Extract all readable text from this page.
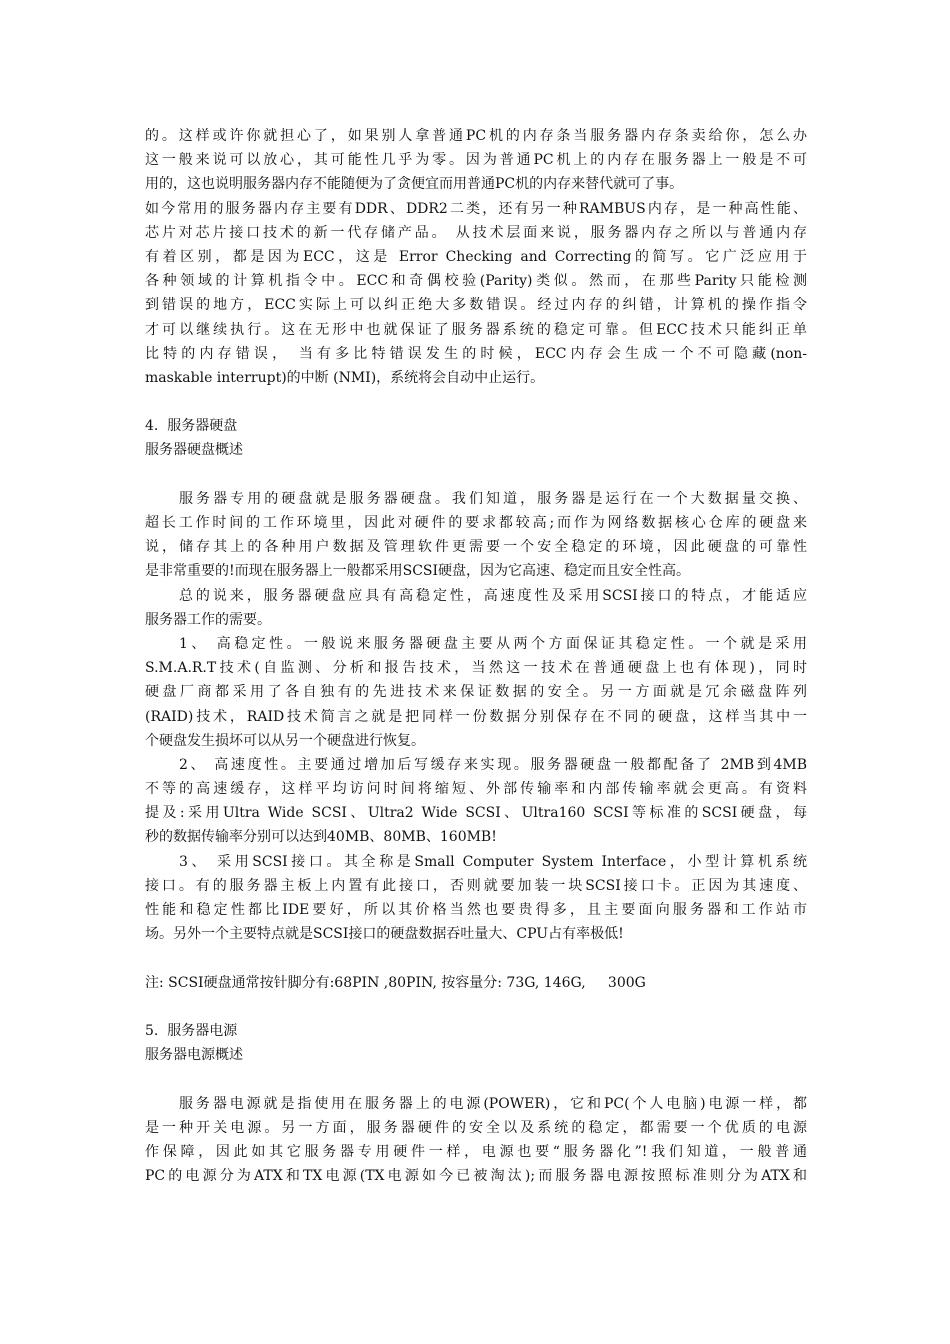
的。这样或许你就担心了，如果别人拿普通PC机的内存条当服务器内存条卖给你，怎么办
这一般来说可以放心，其可能性几乎为零。因为普通PC机上的内存在服务器上一般是不可
用的，这也说明服务器内存不能随便为了贪便宜而用普通PC机的内存来替代就可了事。
如今常用的服务器内存主要有DDR、DDR2二类，还有另一种RAMBUS内存，是一种高性能、
芯片对芯片接口技术的新一代存储产品。 从技术层面来说，服务器内存之所以与普通内存
有着区别，都是因为ECC，这是 Error Checking and Correcting的简写。它广泛应用于
各种领域的计算机指令中。ECC和奇偶校验(Parity)类似。然而，在那些Parity只能检测
到错误的地方，ECC实际上可以纠正绝大多数错误。经过内存的纠错，计算机的操作指令
才可以继续执行。这在无形中也就保证了服务器系统的稳定可靠。但ECC技术只能纠正单
比特的内存错误， 当有多比特错误发生的时候，ECC内存会生成一个不可隐藏(non-
maskable interrupt)的中断 (NMI)，系统将会自动中止运行。
4.  服务器硬盘
服务器硬盘概述
服务器专用的硬盘就是服务器硬盘。我们知道，服务器是运行在一个大数据量交换、
超长工作时间的工作环境里，因此对硬件的要求都较高;而作为网络数据核心仓库的硬盘来
说，储存其上的各种用户数据及管理软件更需要一个安全稳定的环境，因此硬盘的可靠性
是非常重要的!而现在服务器上一般都采用SCSI硬盘，因为它高速、稳定而且安全性高。
总的说来，服务器硬盘应具有高稳定性，高速度性及采用SCSI接口的特点，才能适应
服务器工作的需要。
1、 高稳定性。一般说来服务器硬盘主要从两个方面保证其稳定性。一个就是采用
S.M.A.R.T技术(自监测、分析和报告技术，当然这一技术在普通硬盘上也有体现)，同时
硬盘厂商都采用了各自独有的先进技术来保证数据的安全。另一方面就是冗余磁盘阵列
(RAID)技术，RAID技术简言之就是把同样一份数据分别保存在不同的硬盘，这样当其中一
个硬盘发生损坏可以从另一个硬盘进行恢复。
2、 高速度性。主要通过增加后写缓存来实现。服务器硬盘一般都配备了 2MB到4MB
不等的高速缓存，这样平均访问时间将缩短、外部传输率和内部传输率就会更高。有资料
提及:采用Ultra Wide SCSI、Ultra2 Wide SCSI、Ultra160 SCSI等标准的SCSI硬盘，每
秒的数据传输率分别可以达到40MB、80MB、160MB!
3、 采用SCSI接口。其全称是Small Computer System Interface，小型计算机系统
接口。有的服务器主板上内置有此接口，否则就要加装一块SCSI接口卡。正因为其速度、
性能和稳定性都比IDE要好，所以其价格当然也要贵得多，且主要面向服务器和工作站市
场。另外一个主要特点就是SCSI接口的硬盘数据吞吐量大、CPU占有率极低!
注: SCSI硬盘通常按针脚分有:68PIN ,80PIN, 按容量分: 73G, 146G,     300G
5.  服务器电源
服务器电源概述
服务器电源就是指使用在服务器上的电源(POWER)，它和PC(个人电脑)电源一样，都
是一种开关电源。另一方面，服务器硬件的安全以及系统的稳定，都需要一个优质的电源
作保障，因此如其它服务器专用硬件一样，电源也要“服务器化”!我们知道，一般普通
PC的电源分为ATX和TX电源(TX电源如今已被淘汰);而服务器电源按照标准则分为ATX和
